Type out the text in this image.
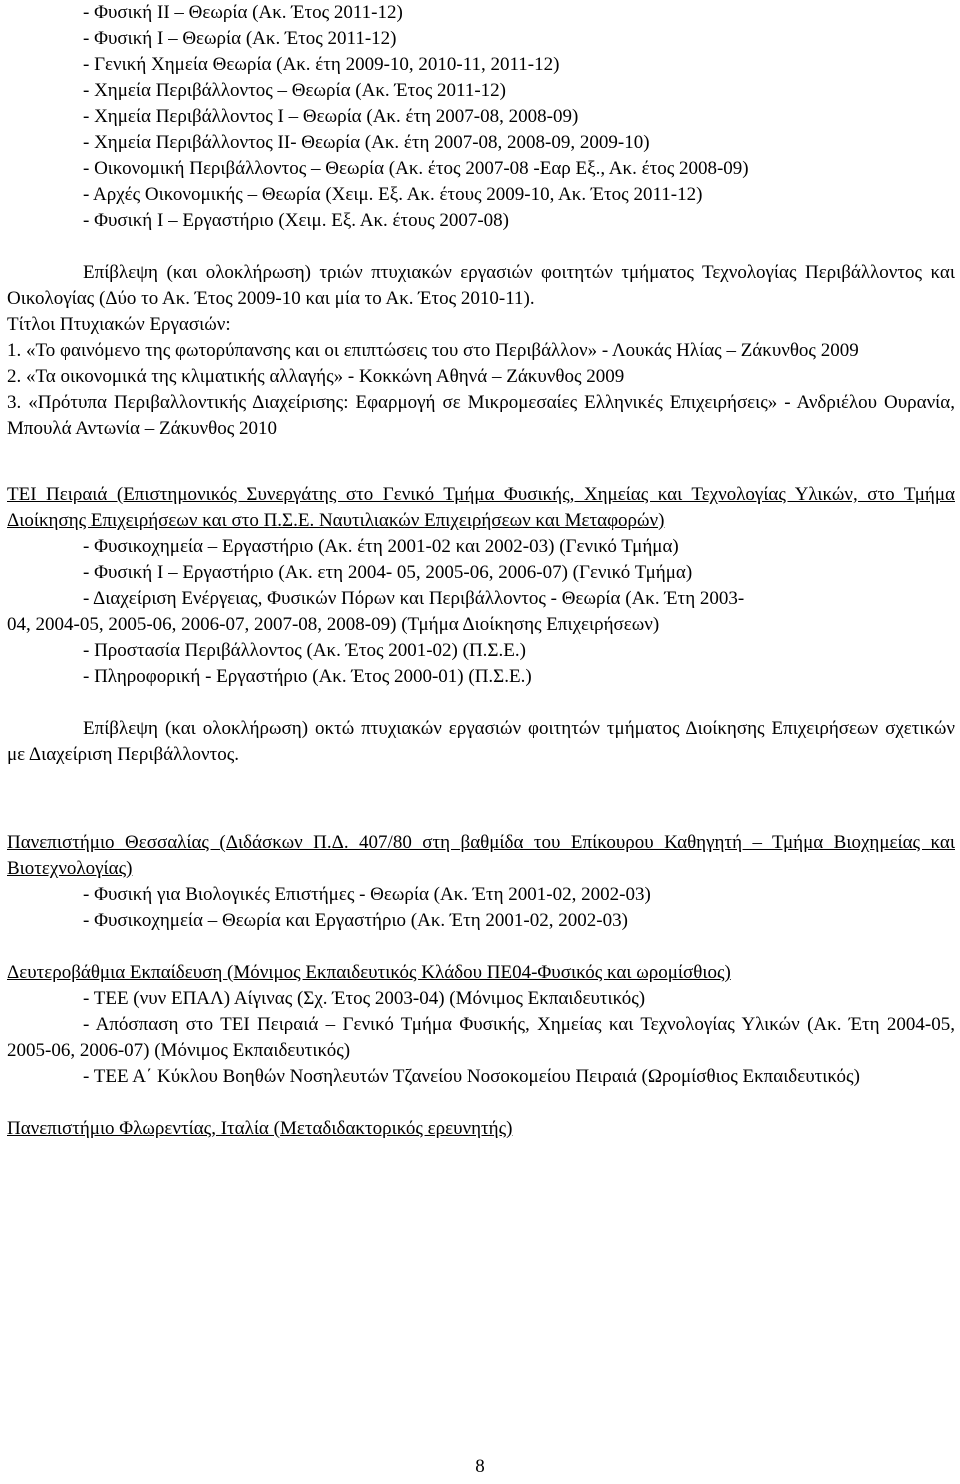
- Φυσική ΙΙ – Θεωρία (Ακ. Έτος 2011-12)
- Φυσική Ι – Θεωρία (Ακ. Έτος 2011-12)
- Γενική Χημεία Θεωρία (Ακ. έτη 2009-10, 2010-11, 2011-12)
- Χημεία Περιβάλλοντος – Θεωρία (Ακ. Έτος 2011-12)
- Χημεία Περιβάλλοντος Ι – Θεωρία (Ακ. έτη 2007-08, 2008-09)
- Χημεία Περιβάλλοντος ΙΙ- Θεωρία (Ακ. έτη 2007-08, 2008-09, 2009-10)
- Οικονομική Περιβάλλοντος – Θεωρία (Ακ. έτος 2007-08 -Εαρ Εξ., Ακ. έτος 2008-09)
- Αρχές Οικονομικής – Θεωρία (Χειμ. Εξ. Ακ. έτους 2009-10, Ακ. Έτος 2011-12)
- Φυσική Ι – Εργαστήριο (Χειμ. Εξ. Ακ. έτους 2007-08)

Επίβλεψη (και ολοκλήρωση) τριών πτυχιακών εργασιών φοιτητών τμήματος Τεχνολογίας Περιβάλλοντος και Οικολογίας (Δύο το Ακ. Έτος 2009-10 και μία το Ακ. Έτος 2010-11).

Τίτλοι Πτυχιακών Εργασιών:

1. «Το φαινόμενο της φωτορύπανσης και οι επιπτώσεις του στο Περιβάλλον» - Λουκάς Ηλίας – Ζάκυνθος 2009

2. «Τα οικονομικά της κλιματικής αλλαγής» - Κοκκώνη Αθηνά – Ζάκυνθος 2009

3. «Πρότυπα Περιβαλλοντικής Διαχείρισης: Εφαρμογή σε Μικρομεσαίες Ελληνικές Επιχειρήσεις» - Ανδριέλου Ουρανία, Μπουλά Αντωνία – Ζάκυνθος 2010

ΤΕΙ Πειραιά (Επιστημονικός Συνεργάτης στο Γενικό Τμήμα Φυσικής, Χημείας και Τεχνολογίας Υλικών, στο Τμήμα Διοίκησης Επιχειρήσεων και στο Π.Σ.Ε. Ναυτιλιακών Επιχειρήσεων και Μεταφορών)

- Φυσικοχημεία – Εργαστήριο (Ακ. έτη 2001-02 και 2002-03) (Γενικό Τμήμα)
- Φυσική Ι – Εργαστήριο (Ακ. ετη 2004- 05, 2005-06, 2006-07) (Γενικό Τμήμα)
- Διαχείριση Ενέργειας, Φυσικών Πόρων και Περιβάλλοντος - Θεωρία (Ακ. Έτη 2003-
04, 2004-05, 2005-06, 2006-07, 2007-08, 2008-09) (Τμήμα Διοίκησης Επιχειρήσεων)
- Προστασία Περιβάλλοντος (Ακ. Έτος 2001-02) (Π.Σ.Ε.)
- Πληροφορική - Εργαστήριο (Ακ. Έτος 2000-01) (Π.Σ.Ε.)

Επίβλεψη (και ολοκλήρωση) οκτώ πτυχιακών εργασιών φοιτητών τμήματος Διοίκησης Επιχειρήσεων σχετικών με Διαχείριση Περιβάλλοντος.

Πανεπιστήμιο Θεσσαλίας (Διδάσκων Π.Δ. 407/80 στη βαθμίδα του Επίκουρου Καθηγητή – Τμήμα Βιοχημείας και Βιοτεχνολογίας)

- Φυσική για Βιολογικές Επιστήμες - Θεωρία (Ακ. Έτη 2001-02, 2002-03)
- Φυσικοχημεία – Θεωρία και Εργαστήριο (Ακ. Έτη 2001-02, 2002-03)

Δευτεροβάθμια Εκπαίδευση (Μόνιμος Εκπαιδευτικός Κλάδου ΠΕ04-Φυσικός και ωρομίσθιος)

- ΤΕΕ (νυν ΕΠΑΛ) Αίγινας (Σχ. Έτος 2003-04) (Μόνιμος Εκπαιδευτικός)
- Απόσπαση στο ΤΕΙ Πειραιά – Γενικό Τμήμα Φυσικής, Χημείας και Τεχνολογίας Υλικών (Ακ. Έτη 2004-05, 2005-06, 2006-07) (Μόνιμος Εκπαιδευτικός)
- ΤΕΕ Α΄ Κύκλου Βοηθών Νοσηλευτών Τζανείου Νοσοκομείου Πειραιά (Ωρομίσθιος Εκπαιδευτικός)

Πανεπιστήμιο Φλωρεντίας, Ιταλία (Μεταδιδακτορικός ερευνητής)

8
